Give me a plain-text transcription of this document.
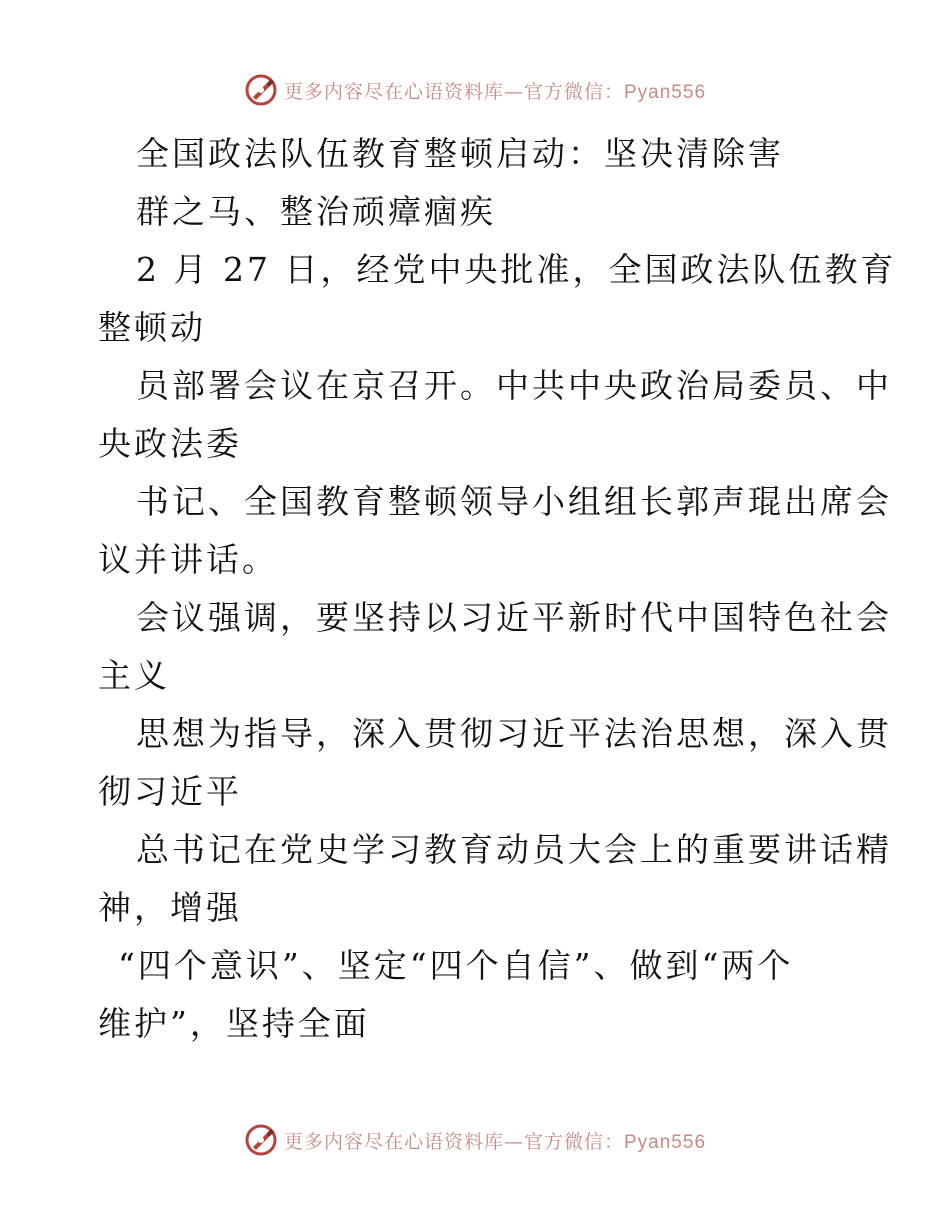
更多内容尽在心语资料库—官方微信：Pyan556
全国政法队伍教育整顿启动：坚决清除害
群之马、整治顽瘴痼疾
2 月 27 日，经党中央批准，全国政法队伍教育
整顿动
员部署会议在京召开。中共中央政治局委员、中
央政法委
书记、全国教育整顿领导小组组长郭声琨出席会
议并讲话。
会议强调，要坚持以习近平新时代中国特色社会
主义
思想为指导，深入贯彻习近平法治思想，深入贯
彻习近平
总书记在党史学习教育动员大会上的重要讲话精
神，增强
“四个意识”、坚定“四个自信”、做到“两个
维护”，坚持全面
更多内容尽在心语资料库—官方微信：Pyan556
